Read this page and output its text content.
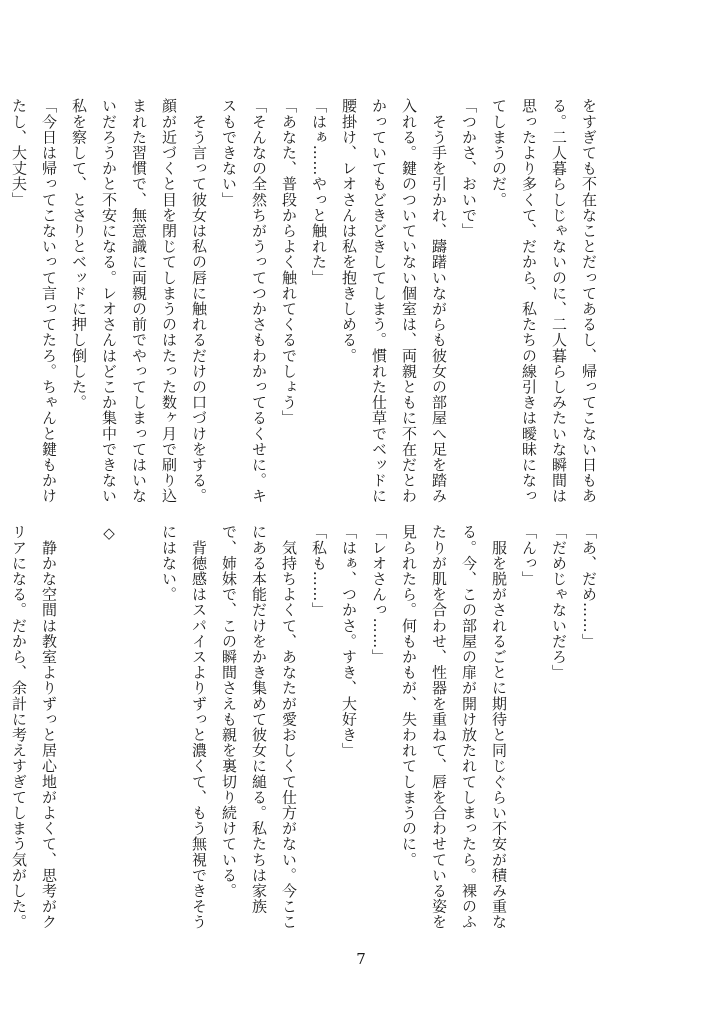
をすぎても不在なことだってあるし、帰ってこない日もあ
る。二人暮らしじゃないのに、二人暮らしみたいな瞬間は
思ったより多くて、だから、私たちの線引きは曖昧になっ
てしまうのだ。
「つかさ、おいで」
　そう手を引かれ、躊躇いながらも彼女の部屋へ足を踏み
入れる。鍵のついていない個室は、両親ともに不在だとわ
かっていてもどきどきしてしまう。慣れた仕草でベッドに
腰掛け、レオさんは私を抱きしめる。
「はぁ……やっと触れた」
「あなた、普段からよく触れてくるでしょう」
「そんなの全然ちがうってつかさもわかってるくせに。キ
スもできない」
　そう言って彼女は私の唇に触れるだけの口づけをする。
顔が近づくと目を閉じてしまうのはたった数ヶ月で刷り込
まれた習慣で、無意識に両親の前でやってしまってはいな
いだろうかと不安になる。レオさんはどこか集中できない
私を察して、とさりとベッドに押し倒した。
「今日は帰ってこないって言ってたろ。ちゃんと鍵もかけ
たし、大丈夫」
「あ、だめ……」
「だめじゃないだろ」
「んっ」
　服を脱がされるごとに期待と同じぐらい不安が積み重な
る。今、この部屋の扉が開け放たれてしまったら。裸のふ
たりが肌を合わせ、性器を重ねて、唇を合わせている姿を
見られたら。何もかもが、失われてしまうのに。
「レオさんっ……」
「はぁ、つかさ。すき、大好き」
「私も……」
　気持ちよくて、あなたが愛おしくて仕方がない。今ここ
にある本能だけをかき集めて彼女に縋る。私たちは家族
で、姉妹で、この瞬間さえも親を裏切り続けている。
　背徳感はスパイスよりずっと濃くて、もう無視できそう
にはない。

◇

　静かな空間は教室よりずっと居心地がよくて、思考がク
リアになる。だから、余計に考えすぎてしまう気がした。
7
